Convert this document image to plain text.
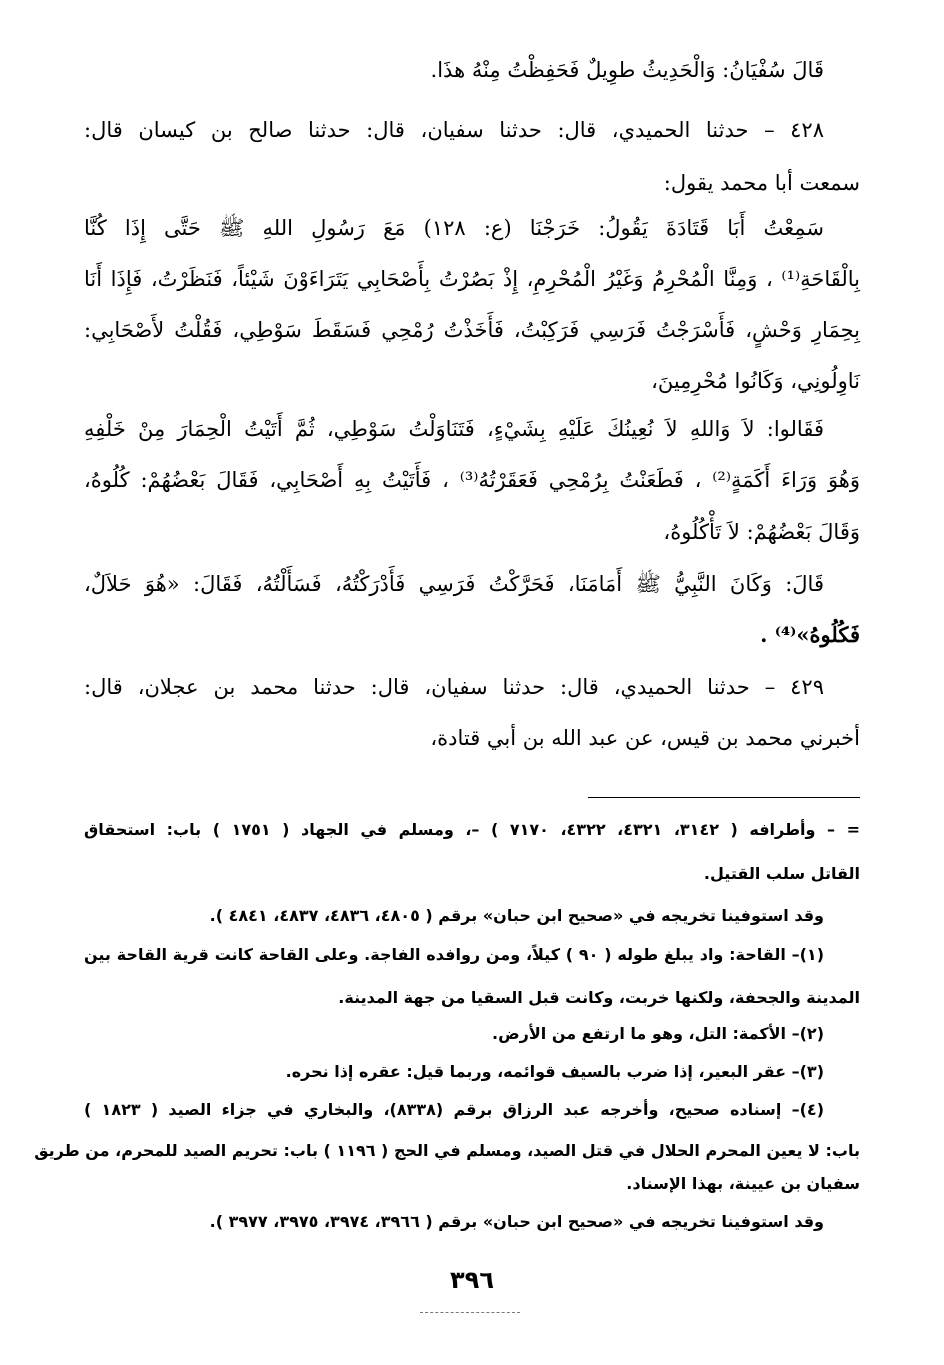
قَالَ سُفْيَانُ: وَالْحَدِيثُ طوِيلٌ فَحَفِظْتُ مِنْهُ هذَا.
٤٢٨ – حدثنا الحميدي، قال: حدثنا سفيان، قال: حدثنا صالح بن كيسان قال:
سمعت أبا محمد يقول:
سَمِعْتُ أَبَا قَتَادَةَ يَقُولُ: خَرَجْنَا (ع: ١٢٨) مَعَ رَسُولِ اللهِ ﷺ حَتَّى إِذَا كُنَّا
بِالْقَاحَةِ⁽¹⁾ ، وَمِنَّا الْمُحْرِمُ وَغَيْرُ الْمُحْرِمِ، إِذْ بَصُرْتُ بِأَصْحَابِي يَتَرَاءَوْنَ شَيْئاً، فَنَظَرْتُ، فَإِذَا أَنَا
بِحِمَارِ وَحْشٍ، فَأَسْرَجْتُ فَرَسِي فَرَكِبْتُ، فَأَخَذْتُ رُمْحِي فَسَقَطَ سَوْطِي، فَقُلْتُ لأَصْحَابِي:
نَاوِلُونِي، وَكَانُوا مُحْرِمِينَ،
فَقَالوا: لاَ وَاللهِ لاَ نُعِينُكَ عَلَيْهِ بِشَيْءٍ، فَتَنَاوَلْتُ سَوْطِي، ثُمَّ أَتَيْتُ الْحِمَارَ مِنْ خَلْفِهِ
وَهُوَ وَرَاءَ أَكَمَةٍ⁽²⁾ ، فَطَعَنْتُ بِرُمْحِي فَعَقَرْتُهُ⁽³⁾ ، فَأَتَيْتُ بِهِ أَصْحَابِي، فَقَالَ بَعْضُهُمْ: كُلُوهُ،
وَقَالَ بَعْضُهُمْ: لاَ تَأْكُلُوهُ،
قَالَ: وَكَانَ النَّبِيُّ ﷺ أَمَامَنَا، فَحَرَّكْتُ فَرَسِي فَأَدْرَكْتُهُ، فَسَأَلْتُهُ، فَقَالَ: «هُوَ حَلاَلٌ،
فَكُلُوهُ»⁽⁴⁾ .
٤٢٩ – حدثنا الحميدي، قال: حدثنا سفيان، قال: حدثنا محمد بن عجلان، قال:
أخبرني محمد بن قيس، عن عبد الله بن أبي قتادة،
= – وأطرافه ( ٣١٤٢، ٤٣٢١، ٤٣٢٢، ٧١٧٠ ) –، ومسلم في الجهاد ( ١٧٥١ ) باب: استحقاق
القاتل سلب القتيل.
وقد استوفينا تخريجه في «صحيح ابن حبان» برقم ( ٤٨٠٥، ٤٨٣٦، ٤٨٣٧، ٤٨٤١ ).
(١)– القاحة: واد يبلغ طوله ( ٩٠ ) كيلاً، ومن روافده الفاجة. وعلى القاحة كانت قرية القاحة بين
المدينة والجحفة، ولكنها خربت، وكانت قبل السقيا من جهة المدينة.
(٢)– الأكمة: التل، وهو ما ارتفع من الأرض.
(٣)– عقر البعير، إذا ضرب بالسيف قوائمه، وربما قيل: عقره إذا نحره.
(٤)– إسناده صحيح، وأخرجه عبد الرزاق برقم (٨٣٣٨)، والبخاري في جزاء الصيد ( ١٨٢٣ )
باب: لا يعين المحرم الحلال في قتل الصيد، ومسلم في الحج ( ١١٩٦ ) باب: تحريم الصيد للمحرم، من طريق
سفيان بن عيينة، بهذا الإسناد.
وقد استوفينا تخريجه في «صحيح ابن حبان» برقم ( ٣٩٦٦، ٣٩٧٤، ٣٩٧٥، ٣٩٧٧ ).
٣٩٦
